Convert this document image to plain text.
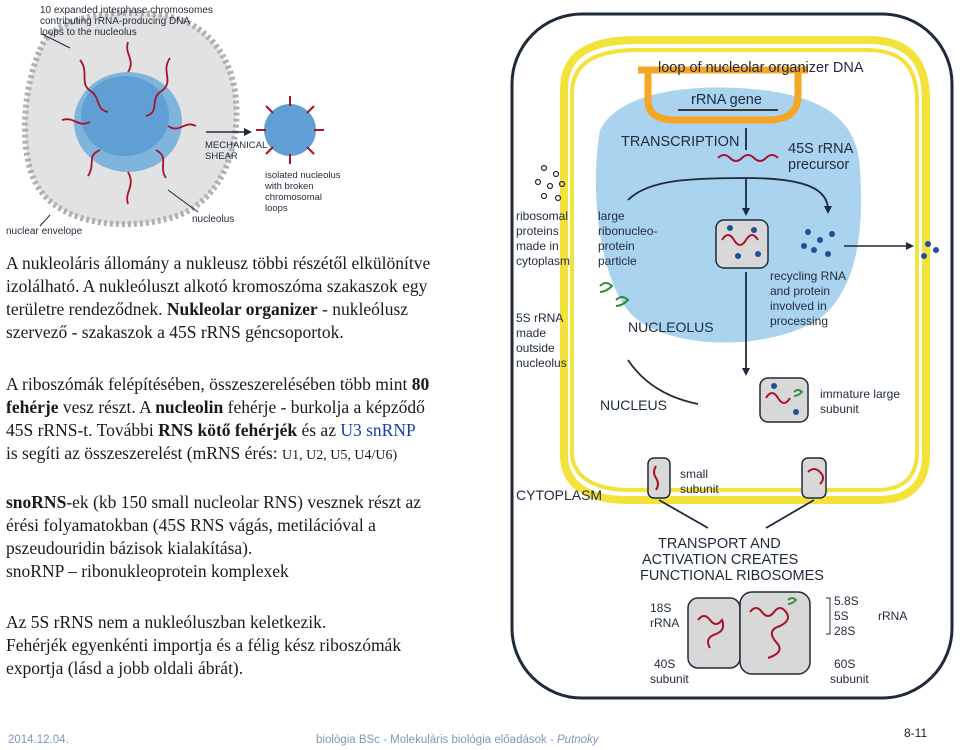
10 expanded interphase chromosomes
contributing rRNA-producing DNA
loops to the nucleolus
MECHANICAL
SHEAR
isolated nucleolus
with broken
chromosomal
loops
nucleolus
nuclear envelope

A nukleoláris állomány a nukleusz többi részétől elkülönítve

izolálható. A nukleóluszt alkotó kromoszóma szakaszok egy

területre rendeződnek. Nukleolar organizer - nukleólusz

szervező - szakaszok a 45S rRNS géncsoportok.

A riboszómák felépítésében, összeszerelésében több mint 80

fehérje vesz részt. A nucleolin fehérje - burkolja a képződő

45S rRNS-t. További RNS kötő fehérjék és az U3 snRNP

is segíti az összeszerelést (mRNS érés: U1, U2, U5, U4/U6)

snoRNS-ek (kb 150 small nucleolar RNS) vesznek részt az

érési folyamatokban (45S RNS vágás, metilációval a

pszeudouridin bázisok kialakítása).

snoRNP – ribonukleoprotein komplexek

Az 5S rRNS nem a nukleóluszban keletkezik.

Fehérjék egyenkénti importja és a félig kész riboszómák

exportja (lásd a jobb oldali ábrát).

loop of nucleolar organizer DNA
rRNA gene
TRANSCRIPTION	45S rRNA
precursor
ribosomal
proteins
made in
cytoplasm
large
ribonucleo-
protein
particle
recycling RNA
and protein
involved in
processing
5S rRNA
made
outside
nucleolus
NUCLEOLUS
NUCLEUS
immature large
subunit
small
subunit
CYTOPLASM
TRANSPORT AND
ACTIVATION CREATES
FUNCTIONAL RIBOSOMES
18S
rRNA
5.8S
5S
28S
rRNA
40S
subunit
60S
subunit
2014.12.04.	biológia BSc - Molekuláris biológia előadások - Putnoky	8-11
